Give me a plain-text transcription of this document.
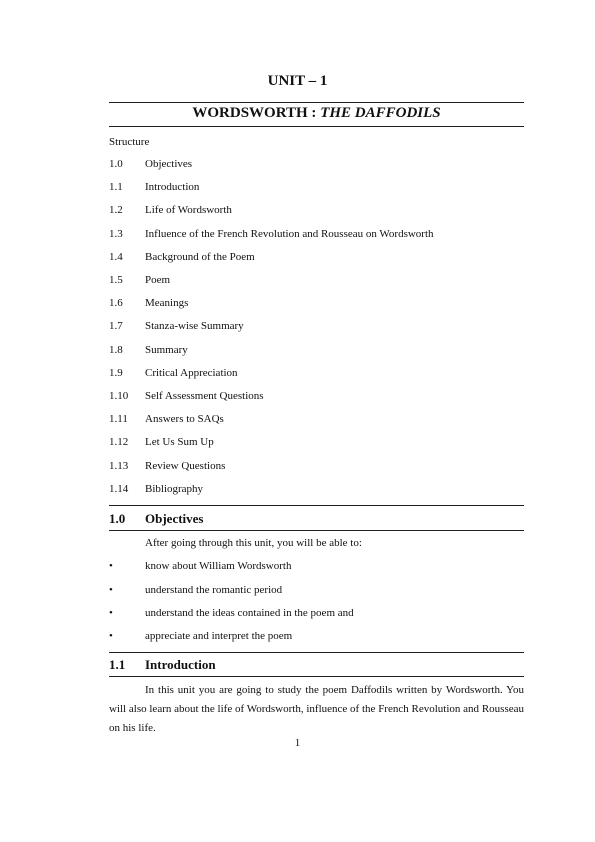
UNIT – 1
WORDSWORTH : THE DAFFODILS
Structure
1.0 Objectives
1.1 Introduction
1.2 Life of Wordsworth
1.3 Influence of the French Revolution and Rousseau on Wordsworth
1.4 Background of the Poem
1.5 Poem
1.6 Meanings
1.7 Stanza-wise Summary
1.8 Summary
1.9 Critical Appreciation
1.10 Self Assessment Questions
1.11 Answers to SAQs
1.12 Let Us Sum Up
1.13 Review Questions
1.14 Bibliography
1.0 Objectives
After going through this unit, you will be able to:
•	know about William Wordsworth
•	understand the romantic period
•	understand the ideas contained in the poem and
•	appreciate and interpret the poem
1.1 Introduction
In this unit you are going to study the poem Daffodils written by Wordsworth. You will also learn about the life of Wordsworth, influence of the French Revolution and Rousseau on his life.
1
